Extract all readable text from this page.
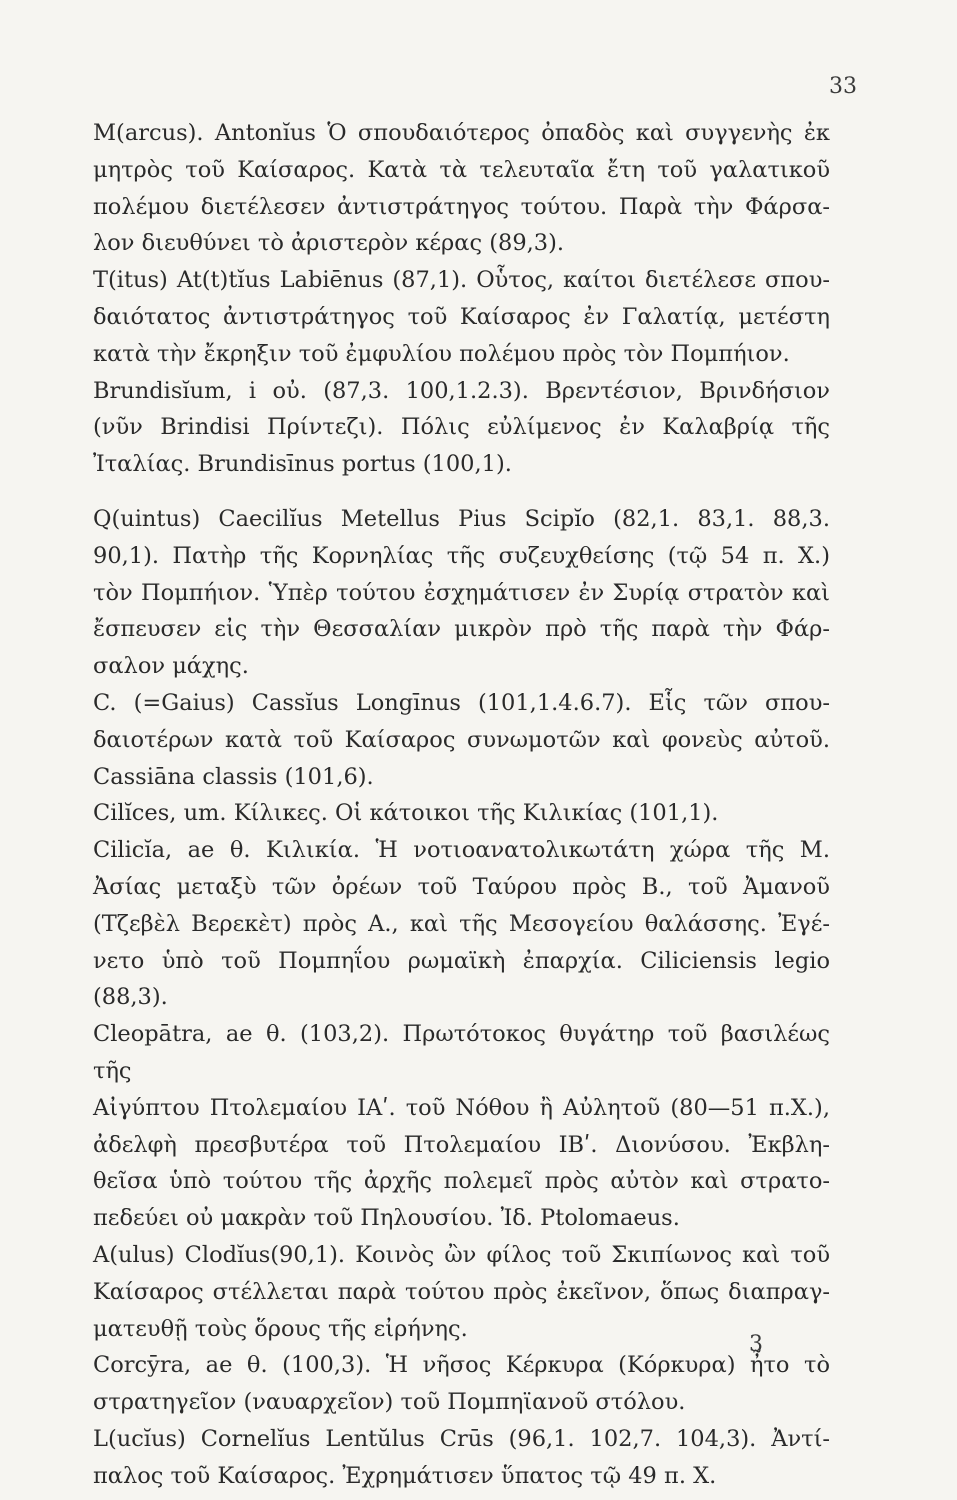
33

M(arcus). Antonĭus Ὁ σπουδαιότερος ὀπαδὸς καὶ συγγενὴς ἐκ
μητρὸς τοῦ Καίσαρος. Κατὰ τὰ τελευταῖα ἔτη τοῦ γαλατικοῦ
πολέμου διετέλεσεν ἀντιστράτηγος τούτου. Παρὰ τὴν Φάρσα-
λον διευθύνει τὸ ἀριστερὸν κέρας (89,3).

T(itus) At(t)tĭus Labiēnus (87,1). Οὗτος, καίτοι διετέλεσε σπου-
δαιότατος ἀντιστράτηγος τοῦ Καίσαρος ἐν Γαλατίᾳ, μετέστη
κατὰ τὴν ἔκρηξιν τοῦ ἐμφυλίου πολέμου πρὸς τὸν Πομπήιον.

Brundisĭum, i οὐ. (87,3. 100,1.2.3). Βρεντέσιον, Βρινδήσιον
(νῦν Brindisi Πρίντεζι). Πόλις εὐλίμενος ἐν Καλαβρίᾳ τῆς
Ἰταλίας. Brundisīnus portus (100,1).

Q(uintus) Caecilĭus Metellus Pius Scipĭo (82,1. 83,1. 88,3.
90,1). Πατὴρ τῆς Κορνηλίας τῆς συζευχθείσης (τῷ 54 π. X.)
τὸν Πομπήιον. Ὑπὲρ τούτου ἐσχημάτισεν ἐν Συρίᾳ στρατὸν καὶ
ἔσπευσεν εἰς τὴν Θεσσαλίαν μικρὸν πρὸ τῆς παρὰ τὴν Φάρ-
σαλον μάχης.

C. (=Gaius) Cassĭus Longīnus (101,1.4.6.7). Εἷς τῶν σπου-
δαιοτέρων κατὰ τοῦ Καίσαρος συνωμοτῶν καὶ φονεὺς αὐτοῦ.
Cassiāna classis (101,6).

Cilĭces, um. Κίλικες. Οἱ κάτοικοι τῆς Κιλικίας (101,1).

Cilicĭa, ae θ. Κιλικία. Ἡ νοτιοανατολικωτάτη χώρα τῆς M.
Ἀσίας μεταξὺ τῶν ὀρέων τοῦ Ταύρου πρὸς B., τοῦ Ἀμανοῦ
(Τζεβὲλ Βερεκὲτ) πρὸς A., καὶ τῆς Μεσογείου θαλάσσης. Ἐγέ-
νετο ὑπὸ τοῦ Πομπηΐου ρωμαϊκὴ ἐπαρχία. Ciliciensis legio
(88,3).

Cleopātra, ae θ. (103,2). Πρωτότοκος θυγάτηρ τοῦ βασιλέως τῆς
Αἰγύπτου Πτολεμαίου ΙΑʹ. τοῦ Νόθου ἢ Αὐλητοῦ (80—51 π.Χ.),
ἀδελφὴ πρεσβυτέρα τοῦ Πτολεμαίου ΙΒʹ. Διονύσου. Ἐκβλη-
θεῖσα ὑπὸ τούτου τῆς ἀρχῆς πολεμεῖ πρὸς αὐτὸν καὶ στρατο-
πεδεύει οὐ μακρὰν τοῦ Πηλουσίου. Ἰδ. Ptolomaeus.

A(ulus) Clodĭus(90,1). Κοινὸς ὢν φίλος τοῦ Σκιπίωνος καὶ τοῦ
Καίσαρος στέλλεται παρὰ τούτου πρὸς ἐκεῖνον, ὅπως διαπραγ-
ματευθῇ τοὺς ὅρους τῆς εἰρήνης.

Corcȳra, ae θ. (100,3). Ἡ νῆσος Κέρκυρα (Κόρκυρα) ἦτο τὸ
στρατηγεῖον (ναυαρχεῖον) τοῦ Πομπηϊανοῦ στόλου.

L(ucĭus) Cornelĭus Lentŭlus Crūs (96,1. 102,7. 104,3). Ἀντί-
παλος τοῦ Καίσαρος. Ἐχρημάτισεν ὕπατος τῷ 49 π. X.

3
